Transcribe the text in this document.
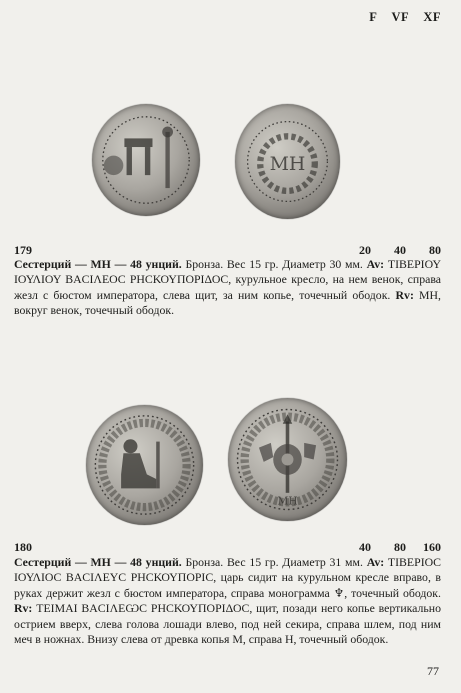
F VF XF
МН
179	20 40 80
Сестерций — МН — 48 унций. Бронза. Вес 15 гр. Диаметр 30 мм. Av: ΤΙΒΕΡΙΟΥ ΙΟΥΛΙΟΥ ΒΑCΙΛΕΟC ΡΗCΚΟΥΠΟΡΙΔΟC, курульное кресло, на нем венок, справа жезл с бюстом императора, слева щит, за ним копье, точечный ободок. Rv: МН, вокруг венок, точечный ободок.
МН
180	40 80 160
Сестерций — МН — 48 унций. Бронза. Вес 15 гр. Диаметр 31 мм. Av: ΤΙΒΕΡΙΟC ΙΟΥΛΙΟC ΒΑCΙΛΕΥC ΡΗCΚΟΥΠΟΡΙC, царь сидит на курульном кресле вправо, в руках держит жезл с бюстом императора, справа монограмма ♆, точечный ободок. Rv: ΤΕΙΜΑΙ ΒΑCΙΛΕѠC ΡΗCΚΟΥΠΟΡΙΔΟC, щит, позади него копье вертикально острием вверх, слева голова лошади влево, под ней секира, справа шлем, под ним меч в ножнах. Внизу слева от древка копья М, справа Н, точечный ободок.
77
